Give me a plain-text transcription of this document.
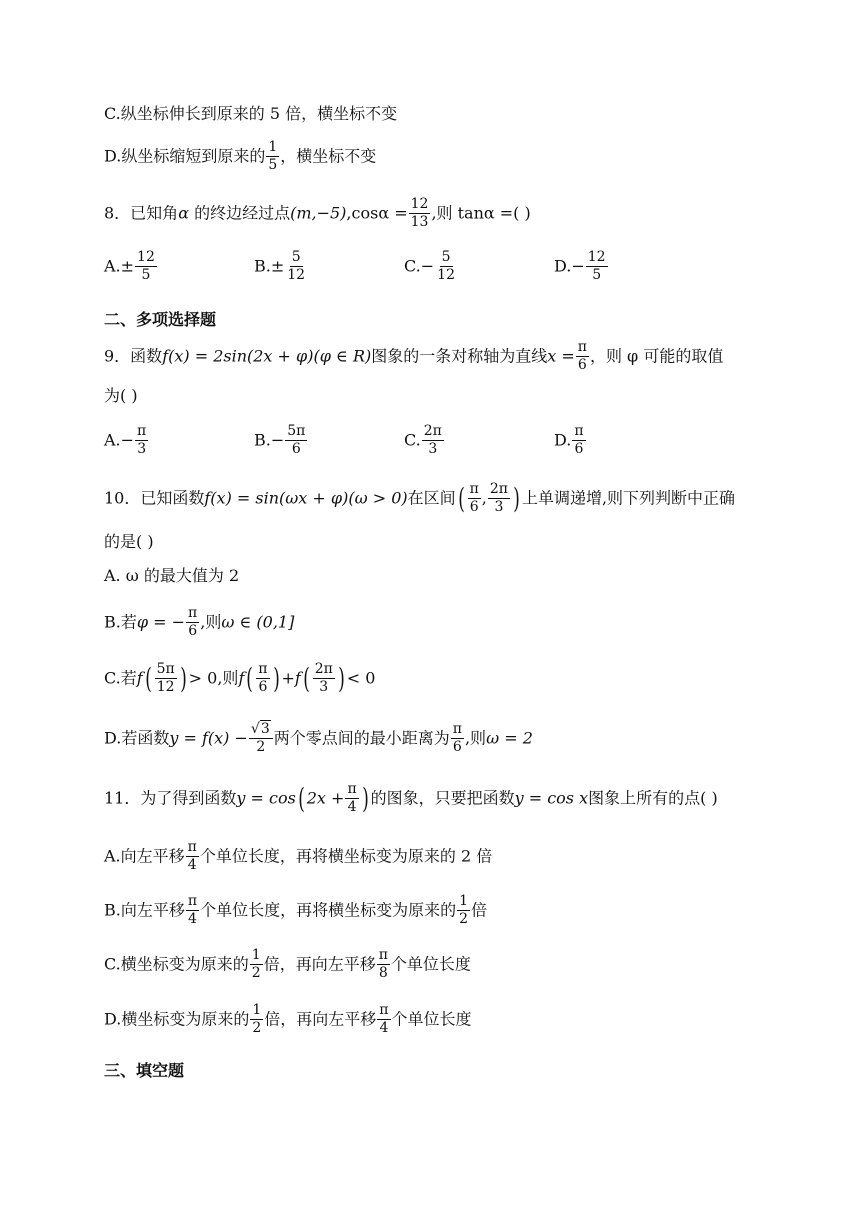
C.纵坐标伸长到原来的 5 倍，横坐标不变
D.纵坐标缩短到原来的 $\frac{1}{5}$ ，横坐标不变
8．已知角α 的终边经过点$(m,-5),\cos\alpha = \frac{12}{13}$ ,则 tanα =( )
$A.\pm \frac{12}{5}$	$B.\pm \frac{5}{12}$	$C.- \frac{5}{12}$	$D.- \frac{12}{5}$
二、多项选择题
9．函数f(x) = 2sin(2x + φ)(φ ∈ R)图象的一条对称轴为直线$x = \frac{\pi}{6}$ ，则 φ 可能的取值
为( )
$A.- \frac{\pi}{3}$	$B.- \frac{5\pi}{6}$	C. $\frac{2\pi}{3}$	D. $\frac{\pi}{6}$
10．已知函数f(x) = sin(ωx + φ)(ω > 0)在区间( $\frac{\pi}{6}$ , $\frac{2\pi}{3}$ ) 上单调递增,则下列判断中正确
的是( )
A. ω 的最大值为 2
B.若φ = − $\frac{\pi}{6}$ ,则ω ∈ (0,1]
C.若$f( \frac{5\pi}{12}$ ) > 0,则$f( \frac{\pi}{6}$ ) $+f( \frac{2\pi}{3}$ ) < 0
D.若函数$y = f(x) - \frac{√3}{2}$ 两个零点间的最小距离为 $\frac{\pi}{6}$ ,则ω = 2
11．为了得到函数y = cos( $2x + \frac{\pi}{4}$ ) 的图象，只要把函数y = cos x图象上所有的点( )
A.向左平移 $\frac{\pi}{4}$ 个单位长度，再将横坐标变为原来的 2 倍
B.向左平移 $\frac{\pi}{4}$ 个单位长度，再将横坐标变为原来的 $\frac{1}{2}$ 倍
C.横坐标变为原来的 $\frac{1}{2}$ 倍，再向左平移 $\frac{\pi}{8}$ 个单位长度
D.横坐标变为原来的 $\frac{1}{2}$ 倍，再向左平移 $\frac{\pi}{4}$ 个单位长度
三、填空题
